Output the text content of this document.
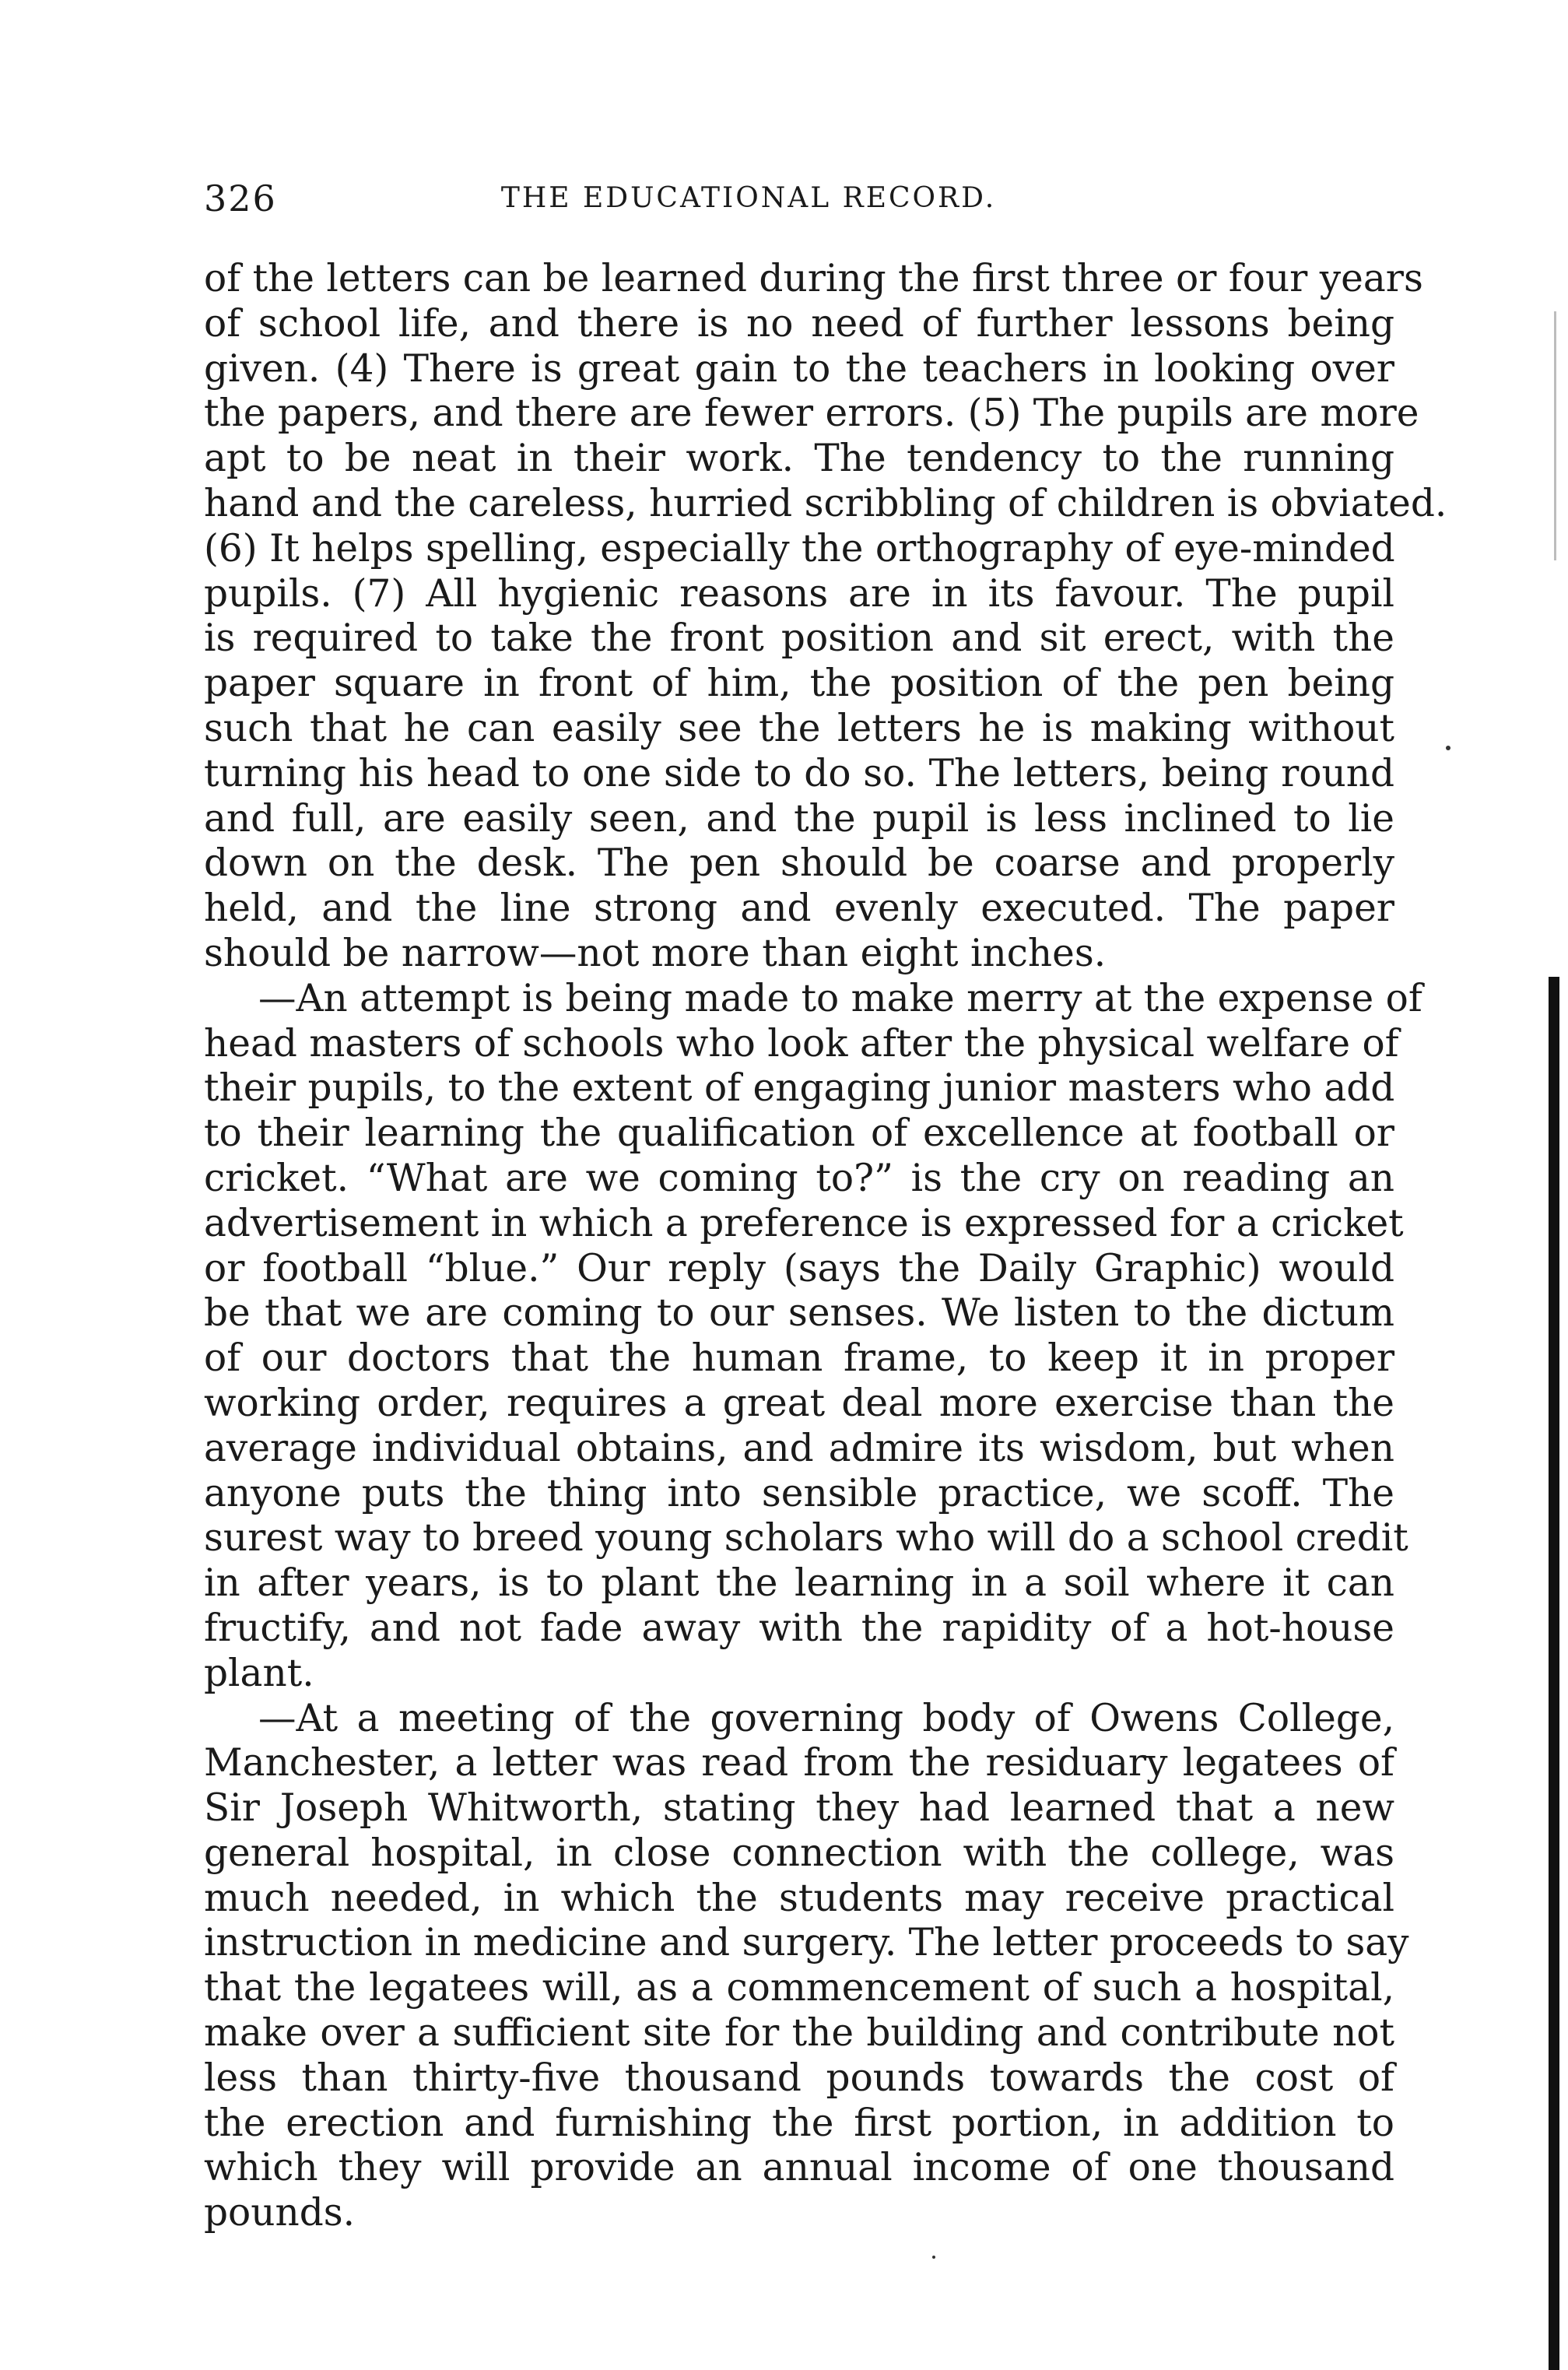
326	THE EDUCATIONAL RECORD.
of the letters can be learned during the first three or four years
of school life, and there is no need of further lessons being
given. (4) There is great gain to the teachers in looking over
the papers, and there are fewer errors. (5) The pupils are more
apt to be neat in their work. The tendency to the running
hand and the careless, hurried scribbling of children is obviated.
(6) It helps spelling, especially the orthography of eye-minded
pupils. (7) All hygienic reasons are in its favour. The pupil
is required to take the front position and sit erect, with the
paper square in front of him, the position of the pen being
such that he can easily see the letters he is making without
turning his head to one side to do so. The letters, being round
and full, are easily seen, and the pupil is less inclined to lie
down on the desk. The pen should be coarse and properly
held, and the line strong and evenly executed. The paper
should be narrow—not more than eight inches.
—An attempt is being made to make merry at the expense of
head masters of schools who look after the physical welfare of
their pupils, to the extent of engaging junior masters who add
to their learning the qualification of excellence at football or
cricket. “What are we coming to?” is the cry on reading an
advertisement in which a preference is expressed for a cricket
or football “blue.” Our reply (says the Daily Graphic) would
be that we are coming to our senses. We listen to the dictum
of our doctors that the human frame, to keep it in proper
working order, requires a great deal more exercise than the
average individual obtains, and admire its wisdom, but when
anyone puts the thing into sensible practice, we scoff. The
surest way to breed young scholars who will do a school credit
in after years, is to plant the learning in a soil where it can
fructify, and not fade away with the rapidity of a hot-house
plant.
—At a meeting of the governing body of Owens College,
Manchester, a letter was read from the residuary legatees of
Sir Joseph Whitworth, stating they had learned that a new
general hospital, in close connection with the college, was
much needed, in which the students may receive practical
instruction in medicine and surgery. The letter proceeds to say
that the legatees will, as a commencement of such a hospital,
make over a sufficient site for the building and contribute not
less than thirty-five thousand pounds towards the cost of
the erection and furnishing the first portion, in addition to
which they will provide an annual income of one thousand
pounds.
